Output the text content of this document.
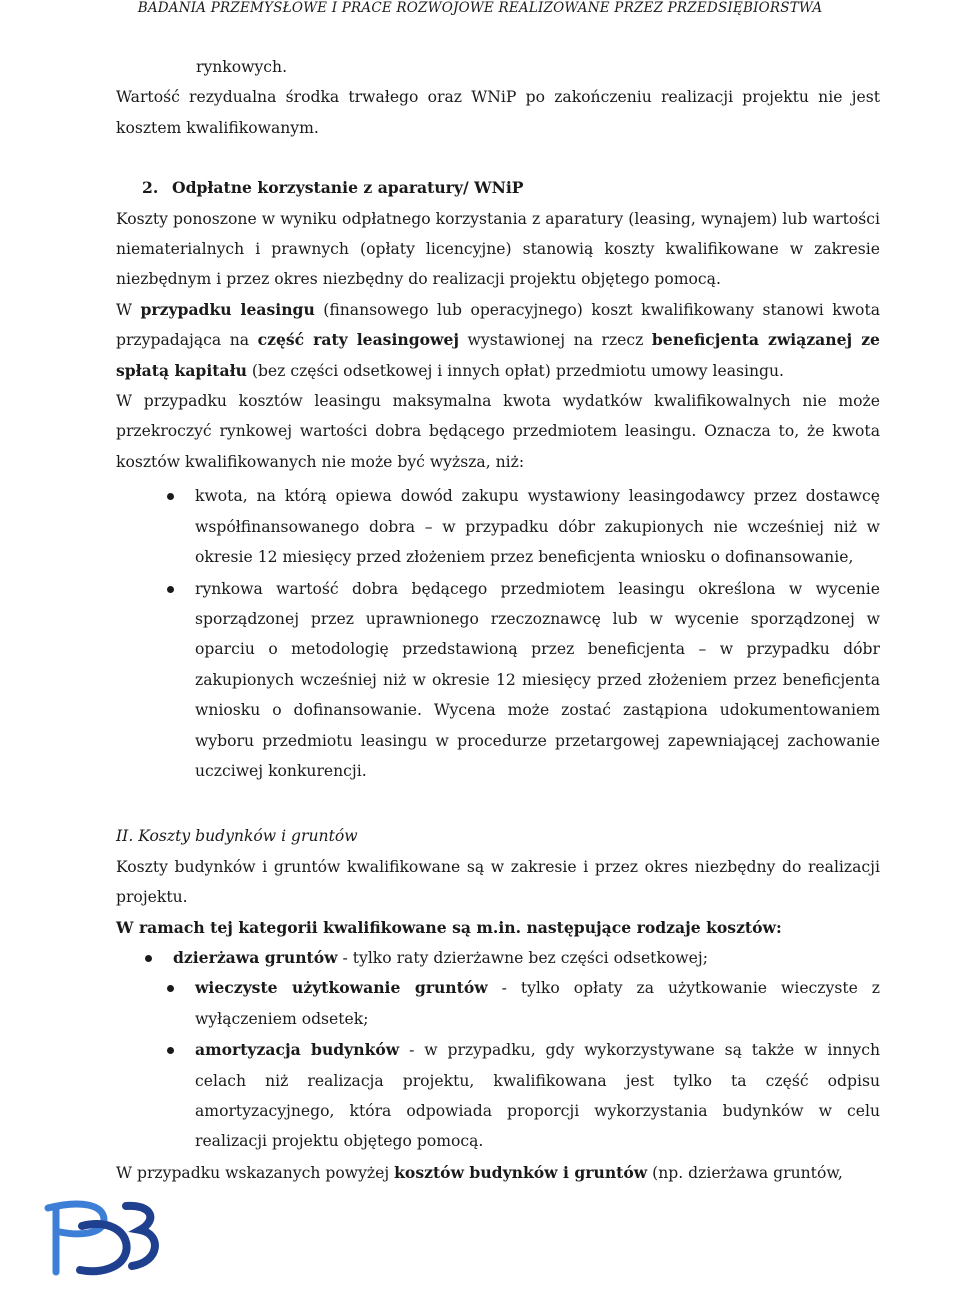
BADANIA PRZEMYSŁOWE I PRACE ROZWOJOWE REALIZOWANE PRZEZ PRZEDSIĘBIORSTWA

rynkowych.

Wartość rezydualna środka trwałego oraz WNiP po zakończeniu realizacji projektu nie jest kosztem kwalifikowanym.

2. Odpłatne korzystanie z aparatury/ WNiP

Koszty ponoszone w wyniku odpłatnego korzystania z aparatury (leasing, wynajem) lub wartości niematerialnych i prawnych (opłaty licencyjne) stanowią koszty kwalifikowane w zakresie niezbędnym i przez okres niezbędny do realizacji projektu objętego pomocą.

W przypadku leasingu (finansowego lub operacyjnego) koszt kwalifikowany stanowi kwota przypadająca na część raty leasingowej wystawionej na rzecz beneficjenta związanej ze spłatą kapitału (bez części odsetkowej i innych opłat) przedmiotu umowy leasingu.

W przypadku kosztów leasingu maksymalna kwota wydatków kwalifikowalnych nie może przekroczyć rynkowej wartości dobra będącego przedmiotem leasingu. Oznacza to, że kwota kosztów kwalifikowanych nie może być wyższa, niż:

kwota, na którą opiewa dowód zakupu wystawiony leasingodawcy przez dostawcę współfinansowanego dobra – w przypadku dóbr zakupionych nie wcześniej niż w okresie 12 miesięcy przed złożeniem przez beneficjenta wniosku o dofinansowanie,
rynkowa wartość dobra będącego przedmiotem leasingu określona w wycenie sporządzonej przez uprawnionego rzeczoznawcę lub w wycenie sporządzonej w oparciu o metodologię przedstawioną przez beneficjenta – w przypadku dóbr zakupionych wcześniej niż w okresie 12 miesięcy przed złożeniem przez beneficjenta wniosku o dofinansowanie. Wycena może zostać zastąpiona udokumentowaniem wyboru przedmiotu leasingu w procedurze przetargowej zapewniającej zachowanie uczciwej konkurencji.

II. Koszty budynków i gruntów

Koszty budynków i gruntów kwalifikowane są w zakresie i przez okres niezbędny do realizacji projektu.

W ramach tej kategorii kwalifikowane są m.in. następujące rodzaje kosztów:

dzierżawa gruntów - tylko raty dzierżawne bez części odsetkowej;
wieczyste użytkowanie gruntów - tylko opłaty za użytkowanie wieczyste z wyłączeniem odsetek;
amortyzacja budynków - w przypadku, gdy wykorzystywane są także w innych celach niż realizacja projektu, kwalifikowana jest tylko ta część odpisu amortyzacyjnego, która odpowiada proporcji wykorzystania budynków w celu realizacji projektu objętego pomocą.

W przypadku wskazanych powyżej kosztów budynków i gruntów (np. dzierżawa gruntów,
